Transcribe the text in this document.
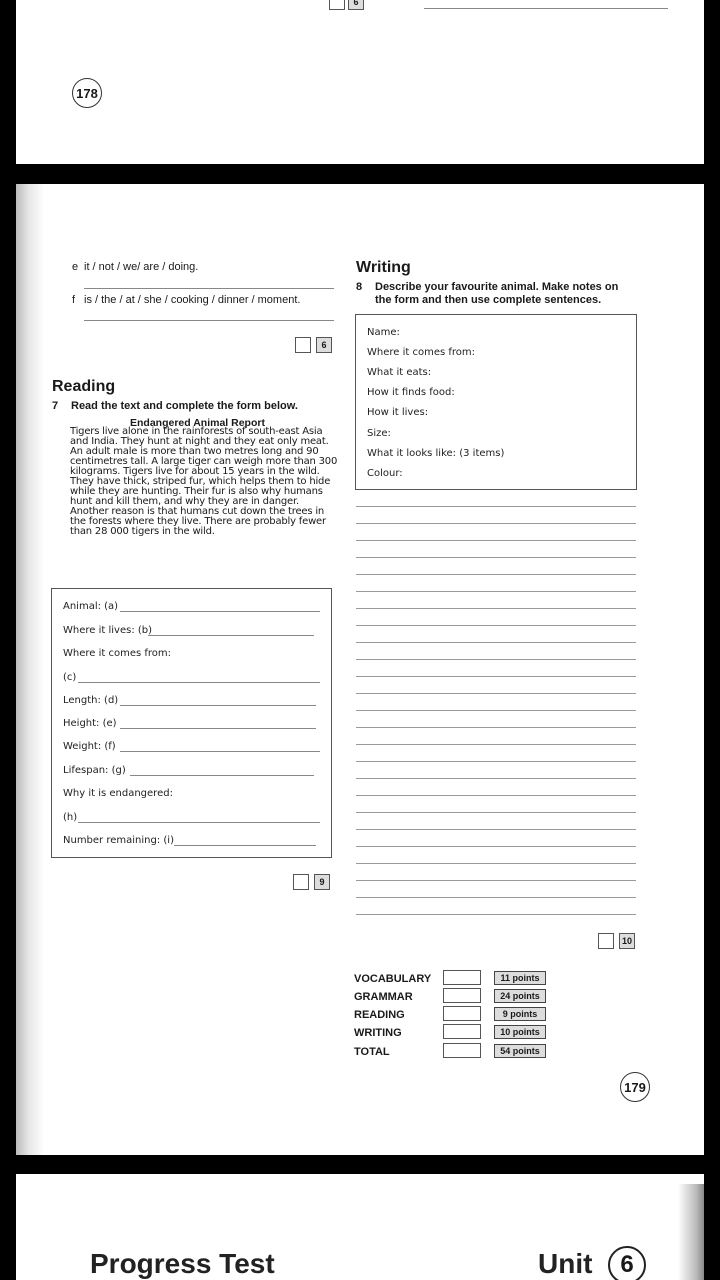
6
178
e it / not / we/ are / doing.
f is / the / at / she / cooking / dinner / moment.
6
Reading
7 Read the text and complete the form below.
Endangered Animal Report
Tigers live alone in the rainforests of south-east Asia
and India. They hunt at night and they eat only meat.
An adult male is more than two metres long and 90
centimetres tall. A large tiger can weigh more than 300
kilograms. Tigers live for about 15 years in the wild.
They have thick, striped fur, which helps them to hide
while they are hunting. Their fur is also why humans
hunt and kill them, and why they are in danger.
Another reason is that humans cut down the trees in
the forests where they live. There are probably fewer
than 28 000 tigers in the wild.
Animal: (a)
Where it lives: (b)
Where it comes from:
(c)
Length: (d)
Height: (e)
Weight: (f)
Lifespan: (g)
Why it is endangered:
(h)
Number remaining: (i)
9
Writing
8 Describe your favourite animal. Make notes on
the form and then use complete sentences.
Name:
Where it comes from:
What it eats:
How it finds food:
How it lives:
Size:
What it looks like: (3 items)
Colour:
10
VOCABULARY	11 points
GRAMMAR	24 points
READING	9 points
WRITING	10 points
TOTAL	54 points
179
Progress Test	Unit	6
